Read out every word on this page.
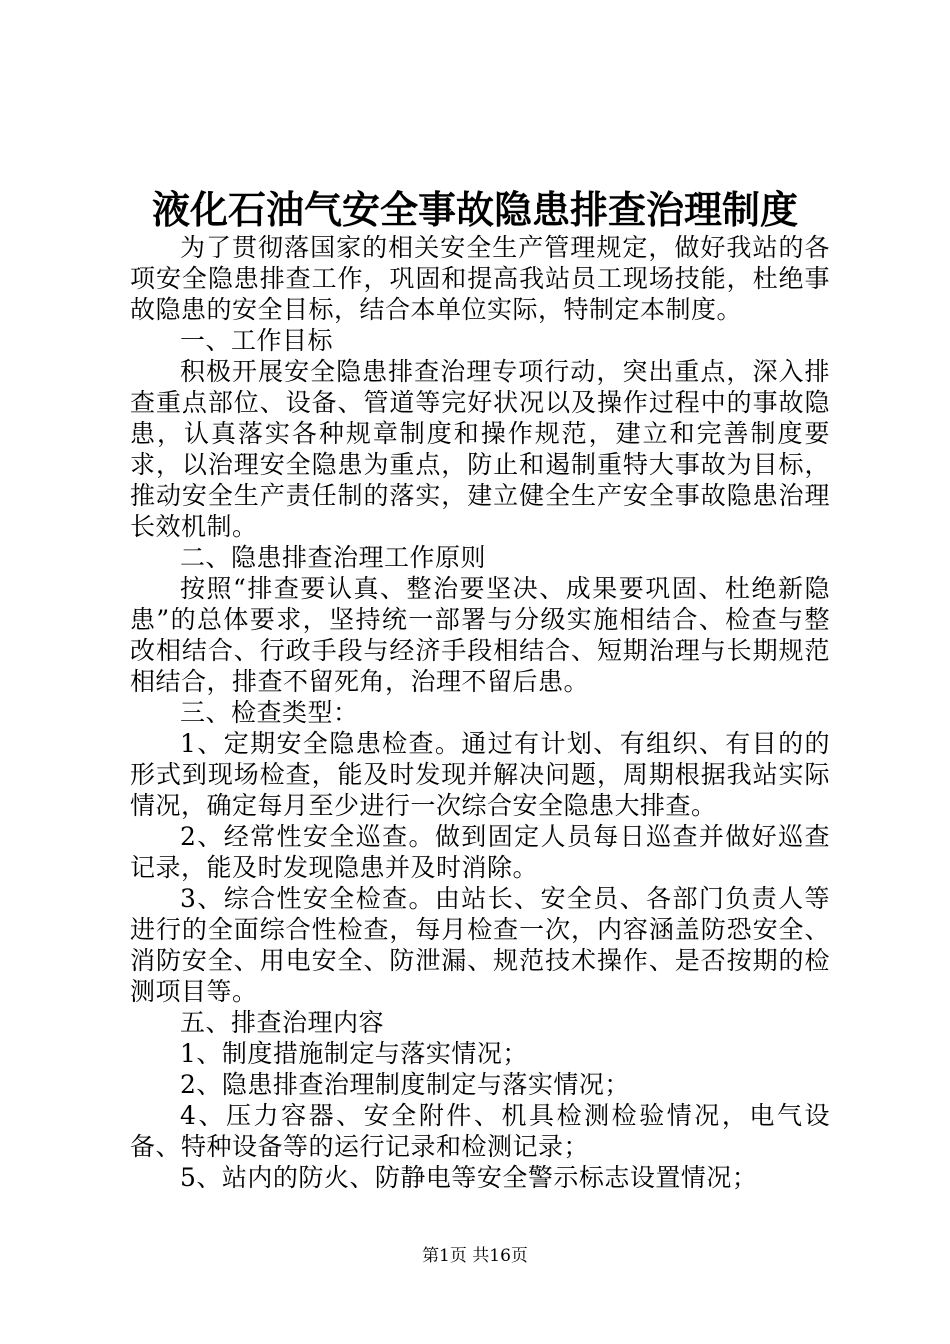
液化石油气安全事故隐患排查治理制度

为了贯彻落国家的相关安全生产管理规定，做好我站的各项安全隐患排查工作，巩固和提高我站员工现场技能，杜绝事故隐患的安全目标，结合本单位实际，特制定本制度。

一、工作目标

积极开展安全隐患排查治理专项行动，突出重点，深入排查重点部位、设备、管道等完好状况以及操作过程中的事故隐患，认真落实各种规章制度和操作规范，建立和完善制度要求，以治理安全隐患为重点，防止和遏制重特大事故为目标，推动安全生产责任制的落实，建立健全生产安全事故隐患治理长效机制。

二、隐患排查治理工作原则

按照“排查要认真、整治要坚决、成果要巩固、杜绝新隐患”的总体要求，坚持统一部署与分级实施相结合、检查与整改相结合、行政手段与经济手段相结合、短期治理与长期规范相结合，排查不留死角，治理不留后患。

三、检查类型：

1、定期安全隐患检查。通过有计划、有组织、有目的的形式到现场检查，能及时发现并解决问题，周期根据我站实际情况，确定每月至少进行一次综合安全隐患大排查。

2、经常性安全巡查。做到固定人员每日巡查并做好巡查记录，能及时发现隐患并及时消除。

3、综合性安全检查。由站长、安全员、各部门负责人等进行的全面综合性检查，每月检查一次，内容涵盖防恐安全、消防安全、用电安全、防泄漏、规范技术操作、是否按期的检测项目等。

五、排查治理内容

1、制度措施制定与落实情况；

2、隐患排查治理制度制定与落实情况；

4、压力容器、安全附件、机具检测检验情况，电气设备、特种设备等的运行记录和检测记录；

5、站内的防火、防静电等安全警示标志设置情况；

第1页 共16页
